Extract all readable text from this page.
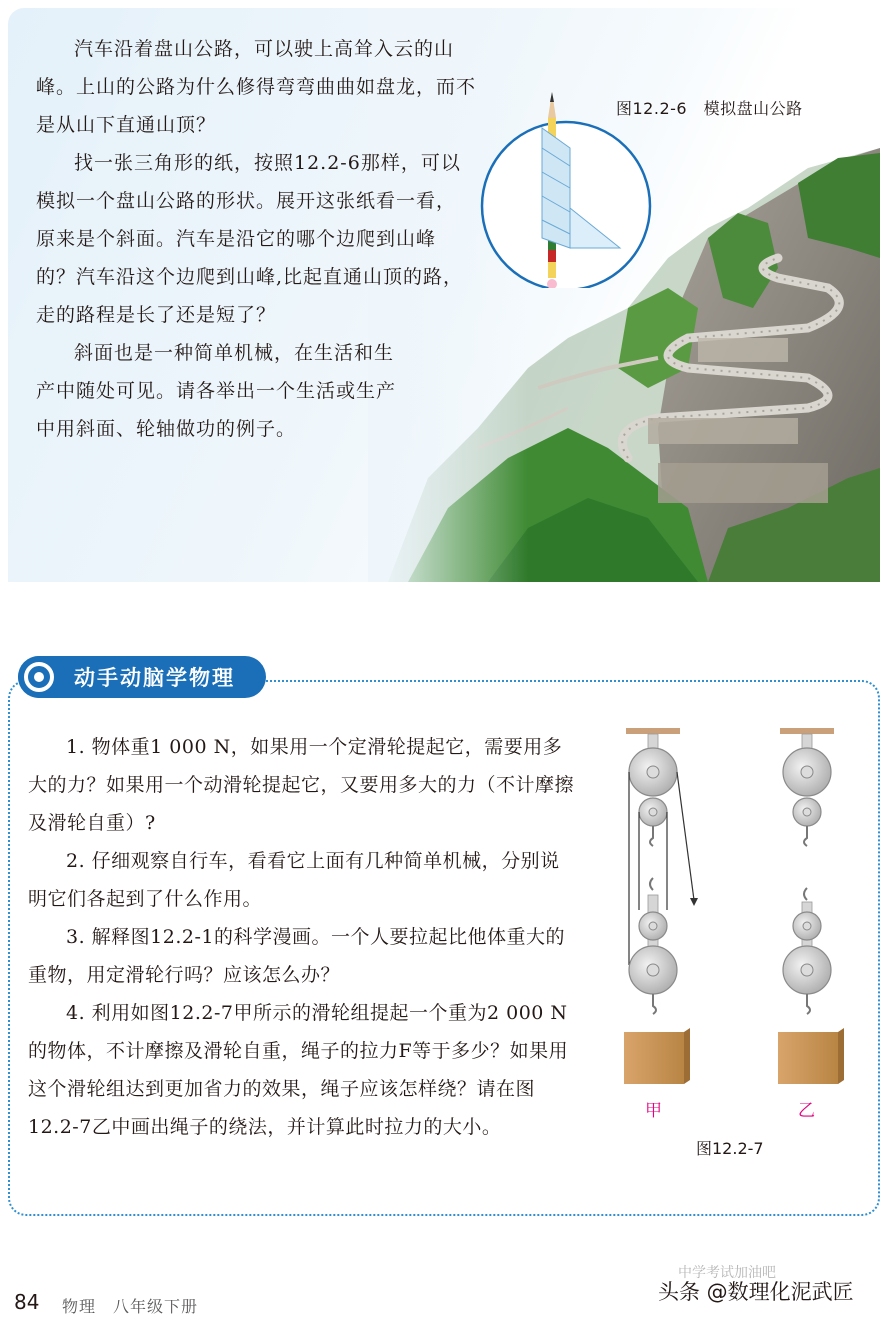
汽车沿着盘山公路，可以驶上高耸入云的山峰。上山的公路为什么修得弯弯曲曲如盘龙，而不是从山下直通山顶？

找一张三角形的纸，按照12.2-6那样，可以模拟一个盘山公路的形状。展开这张纸看一看，原来是个斜面。汽车是沿它的哪个边爬到山峰的？汽车沿这个边爬到山峰,比起直通山顶的路，走的路程是长了还是短了？

斜面也是一种简单机械，在生活和生产中随处可见。请各举出一个生活或生产中用斜面、轮轴做功的例子。

图12.2-6　模拟盘山公路
动手动脑学物理

1. 物体重1 000 N，如果用一个定滑轮提起它，需要用多大的力？如果用一个动滑轮提起它，又要用多大的力（不计摩擦及滑轮自重）?

2. 仔细观察自行车，看看它上面有几种简单机械，分别说明它们各起到了什么作用。

3. 解释图12.2-1的科学漫画。一个人要拉起比他体重大的重物，用定滑轮行吗？应该怎么办？

4. 利用如图12.2-7甲所示的滑轮组提起一个重为2 000 N的物体，不计摩擦及滑轮自重，绳子的拉力F等于多少？如果用这个滑轮组达到更加省力的效果，绳子应该怎样绕？请在图12.2-7乙中画出绳子的绕法，并计算此时拉力的大小。

甲	乙
图12.2-7
84 物理　八年级下册
中学考试加油吧
头条 @数理化泥武匠
